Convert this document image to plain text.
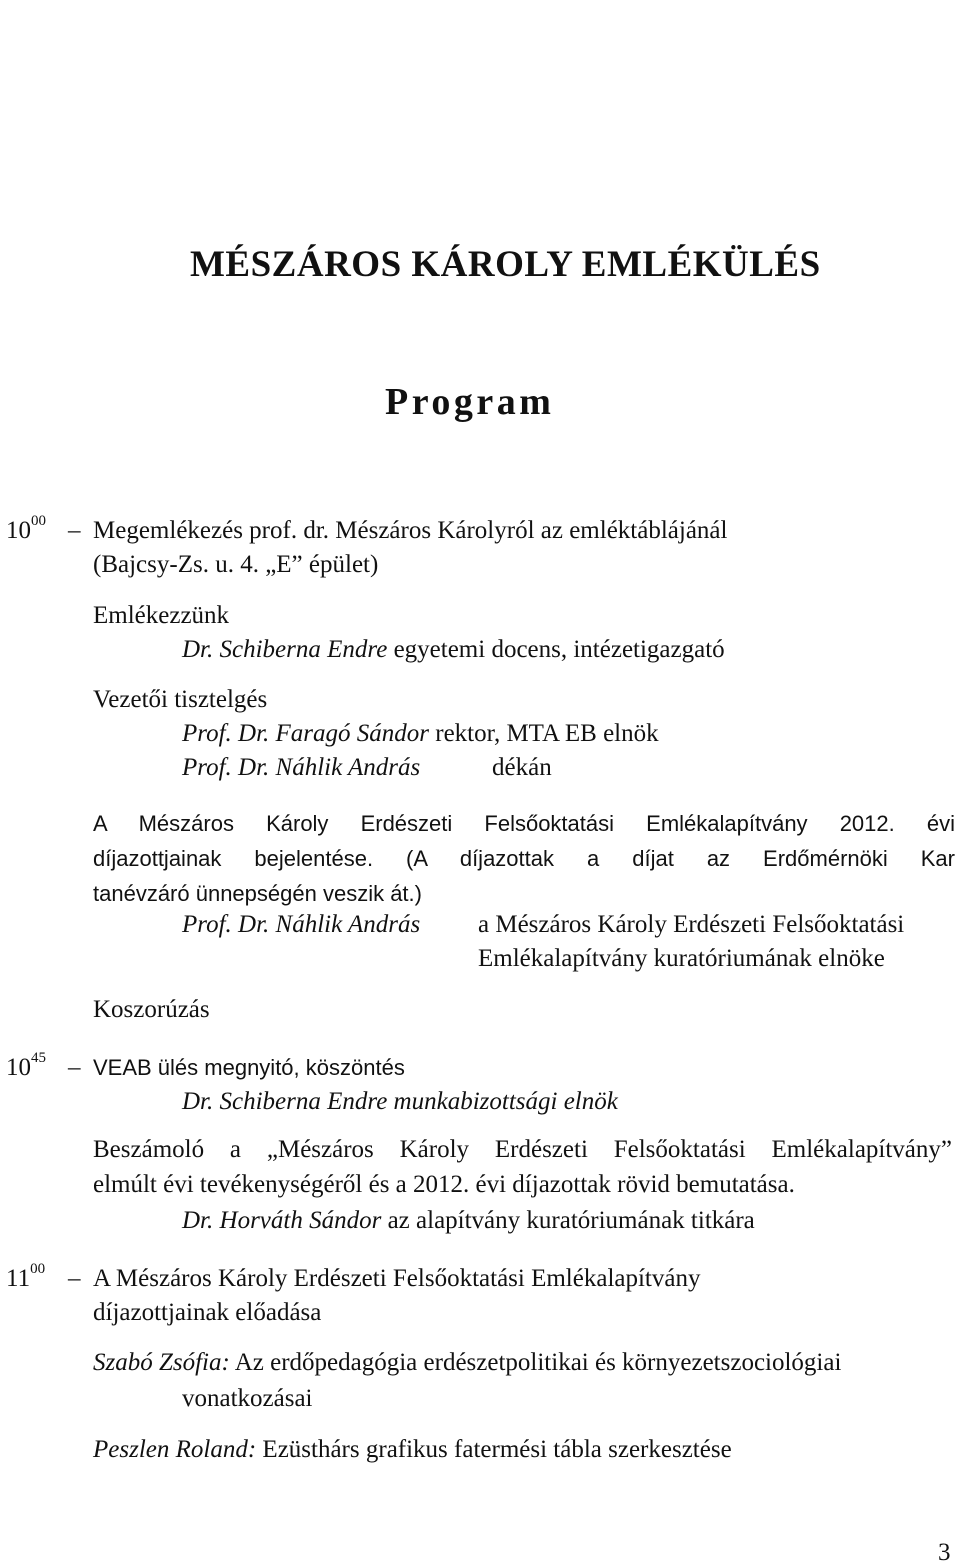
MÉSZÁROS KÁROLY EMLÉKÜLÉS
Program
$10^{00}$ – Megemlékezés prof. dr. Mészáros Károlyról az emléktáblájánál
(Bajcsy-Zs. u. 4. „E” épület)
Emlékezzünk
Dr. Schiberna Endre egyetemi docens, intézetigazgató
Vezetői tisztelgés
Prof. Dr. Faragó Sándor rektor, MTA EB elnök
Prof. Dr. Náhlik András	dékán
A Mészáros Károly Erdészeti Felsőoktatási Emlékalapítvány 2012. évi
díjazottjainak bejelentése. (A díjazottak a díjat az Erdőmérnöki Kar
tanévzáró ünnepségén veszik át.)
Prof. Dr. Náhlik András a Mészáros Károly Erdészeti Felsőoktatási
Emlékalapítvány kuratóriumának elnöke
Koszorúzás
$10^{45}$ – VEAB ülés megnyitó, köszöntés
Dr. Schiberna Endre munkabizottsági elnök
Beszámoló a „Mészáros Károly Erdészeti Felsőoktatási Emlékalapítvány”
elmúlt évi tevékenységéről és a 2012. évi díjazottak rövid bemutatása.
Dr. Horváth Sándor az alapítvány kuratóriumának titkára
$11^{00}$ – A Mészáros Károly Erdészeti Felsőoktatási Emlékalapítvány
díjazottjainak előadása
Szabó Zsófia: Az erdőpedagógia erdészetpolitikai és környezetszociológiai
vonatkozásai
Peszlen Roland: Ezüsthárs grafikus fatermési tábla szerkesztése
3
